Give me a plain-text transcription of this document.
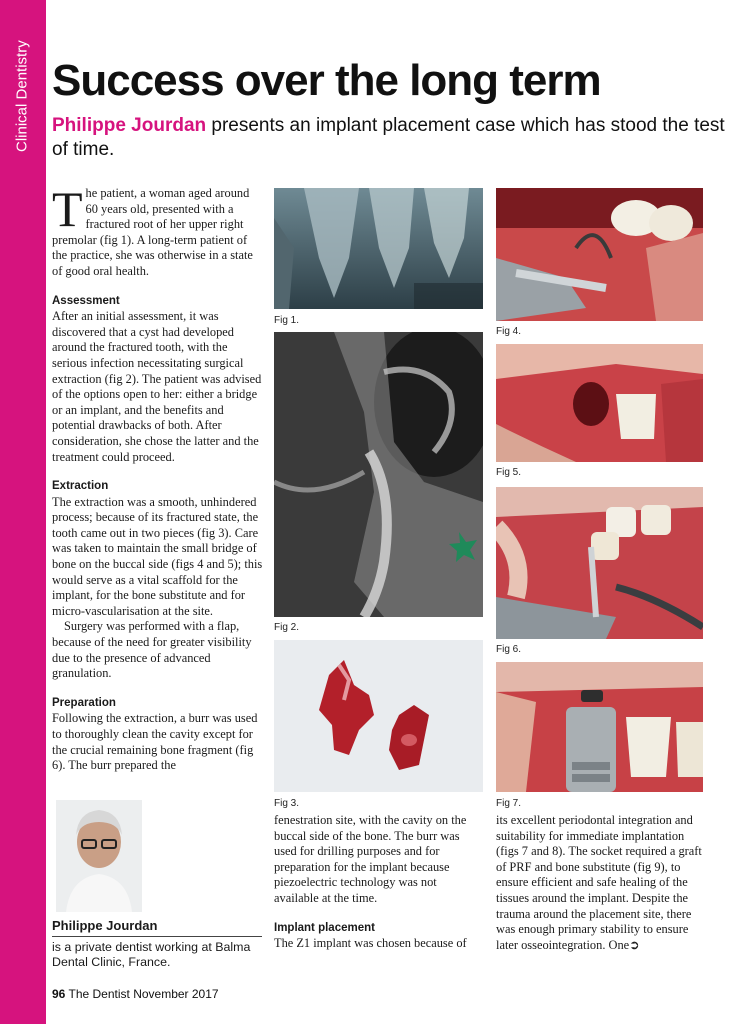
Clinical Dentistry Success over the long term

Philippe Jourdan presents an implant placement case which has stood the test of time.

The patient, a woman aged around 60 years old, presented with a fractured root of her upper right premolar (fig 1). A long-term patient of the practice, she was otherwise in a state of good oral health.

Assessment

After an initial assessment, it was discovered that a cyst had developed around the fractured tooth, with the serious infection necessitating surgical extraction (fig 2). The patient was advised of the options open to her: either a bridge or an implant, and the benefits and potential drawbacks of both. After consideration, she chose the latter and the treatment could proceed.

Extraction

The extraction was a smooth, unhindered process; because of its fractured state, the tooth came out in two pieces (fig 3). Care was taken to maintain the small bridge of bone on the buccal side (figs 4 and 5); this would serve as a vital scaffold for the implant, for the bone substitute and for micro-vascularisation at the site.

Surgery was performed with a flap, because of the need for greater visibility due to the presence of advanced granulation.

Preparation

Following the extraction, a burr was used to thoroughly clean the cavity except for the crucial remaining bone fragment (fig 6). The burr prepared the

Fig 1.
Fig 2.
Fig 3.
Fig 4.
Fig 5.
Fig 6.
Fig 7.
Philippe Jourdan
is a private dentist working at Balma Dental Clinic, France.

fenestration site, with the cavity on the buccal side of the bone. The burr was used for drilling purposes and for preparation for the implant because piezoelectric technology was not available at the time.

Implant placement

The Z1 implant was chosen because of

its excellent periodontal integration and suitability for immediate implantation (figs 7 and 8). The socket required a graft of PRF and bone substitute (fig 9), to ensure efficient and safe healing of the tissues around the implant. Despite the trauma around the placement site, there was enough primary stability to ensure later osseointegration. One➲

96 The Dentist November 2017
